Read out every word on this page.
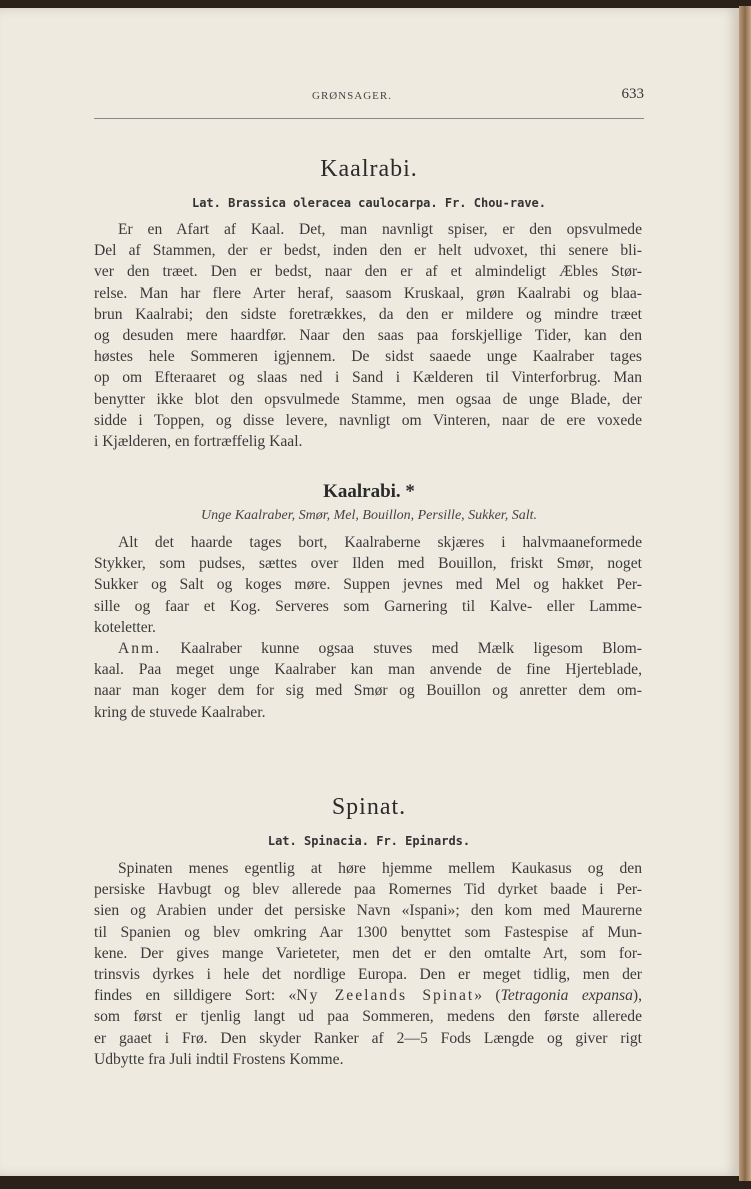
GRØNSAGER.	633
Kaalrabi.
Lat. Brassica oleracea caulocarpa. Fr. Chou-rave.

Er en Afart af Kaal. Det, man navnligt spiser, er den opsvulmede
Del af Stammen, der er bedst, inden den er helt udvoxet, thi senere bli-
ver den træet. Den er bedst, naar den er af et almindeligt Æbles Stør-
relse. Man har flere Arter heraf, saasom Kruskaal, grøn Kaalrabi og blaa-
brun Kaalrabi; den sidste foretrækkes, da den er mildere og mindre træet
og desuden mere haardfør. Naar den saas paa forskjellige Tider, kan den
høstes hele Sommeren igjennem. De sidst saaede unge Kaalraber tages
op om Efteraaret og slaas ned i Sand i Kælderen til Vinterforbrug. Man
benytter ikke blot den opsvulmede Stamme, men ogsaa de unge Blade, der
sidde i Toppen, og disse levere, navnligt om Vinteren, naar de ere voxede
i Kjælderen, en fortræffelig Kaal.

Kaalrabi. *
Unge Kaalraber, Smør, Mel, Bouillon, Persille, Sukker, Salt.

Alt det haarde tages bort, Kaalraberne skjæres i halvmaaneformede
Stykker, som pudses, sættes over Ilden med Bouillon, friskt Smør, noget
Sukker og Salt og koges møre. Suppen jevnes med Mel og hakket Per-
sille og faar et Kog. Serveres som Garnering til Kalve- eller Lamme-
koteletter.

Anm. Kaalraber kunne ogsaa stuves med Mælk ligesom Blom-
kaal. Paa meget unge Kaalraber kan man anvende de fine Hjerteblade,
naar man koger dem for sig med Smør og Bouillon og anretter dem om-
kring de stuvede Kaalraber.

Spinat.
Lat. Spinacia. Fr. Epinards.

Spinaten menes egentlig at høre hjemme mellem Kaukasus og den
persiske Havbugt og blev allerede paa Romernes Tid dyrket baade i Per-
sien og Arabien under det persiske Navn «Ispani»; den kom med Maurerne
til Spanien og blev omkring Aar 1300 benyttet som Fastespise af Mun-
kene. Der gives mange Varieteter, men det er den omtalte Art, som for-
trinsvis dyrkes i hele det nordlige Europa. Den er meget tidlig, men der
findes en silldigere Sort: «Ny Zeelands Spinat» (Tetragonia expansa),
som først er tjenlig langt ud paa Sommeren, medens den første allerede
er gaaet i Frø. Den skyder Ranker af 2—5 Fods Længde og giver rigt
Udbytte fra Juli indtil Frostens Komme.
